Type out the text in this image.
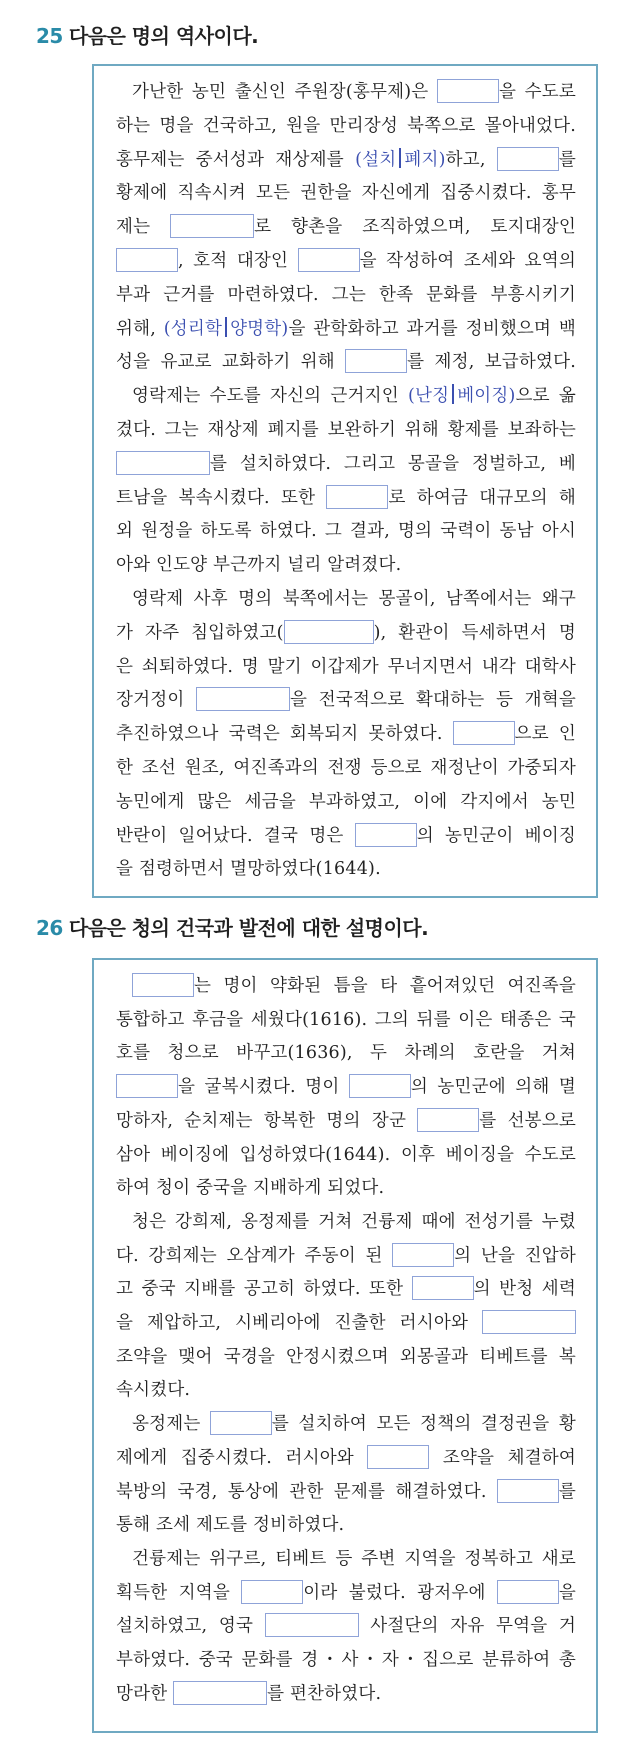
25 다음은 명의 역사이다.
가난한 농민 출신인 주원장(홍무제)은	을 수도로
하는 명을 건국하고, 원을 만리장성 북쪽으로 몰아내었다.
홍무제는 중서성과 재상제를 (설치 폐지)하고,	를
황제에 직속시켜 모든 권한을 자신에게 집중시켰다. 홍무
제는	로 향촌을 조직하였으며, 토지대장인
, 호적 대장인	을 작성하여 조세와 요역의
부과 근거를 마련하였다. 그는 한족 문화를 부흥시키기
위해, (성리학 양명학)을 관학화하고 과거를 정비했으며 백
성을 유교로 교화하기 위해	를 제정, 보급하였다.
영락제는 수도를 자신의 근거지인 (난징 베이징)으로 옮
겼다. 그는 재상제 폐지를 보완하기 위해 황제를 보좌하는
를 설치하였다. 그리고 몽골을 정벌하고, 베
트남을 복속시켰다. 또한	로 하여금 대규모의 해
외 원정을 하도록 하였다. 그 결과, 명의 국력이 동남 아시
아와 인도양 부근까지 널리 알려졌다.
영락제 사후 명의 북쪽에서는 몽골이, 남쪽에서는 왜구
가 자주 침입하였고(	), 환관이 득세하면서 명
은 쇠퇴하였다. 명 말기 이갑제가 무너지면서 내각 대학사
장거정이	을 전국적으로 확대하는 등 개혁을
추진하였으나 국력은 회복되지 못하였다.	으로 인
한 조선 원조, 여진족과의 전쟁 등으로 재정난이 가중되자
농민에게 많은 세금을 부과하였고, 이에 각지에서 농민
반란이 일어났다. 결국 명은	의 농민군이 베이징
을 점령하면서 멸망하였다(1644).
26 다음은 청의 건국과 발전에 대한 설명이다.
는 명이 약화된 틈을 타 흩어져있던 여진족을
통합하고 후금을 세웠다(1616). 그의 뒤를 이은 태종은 국
호를 청으로 바꾸고(1636), 두 차례의 호란을 거쳐
을 굴복시켰다. 명이	의 농민군에 의해 멸
망하자, 순치제는 항복한 명의 장군	를 선봉으로
삼아 베이징에 입성하였다(1644). 이후 베이징을 수도로
하여 청이 중국을 지배하게 되었다.
청은 강희제, 옹정제를 거쳐 건륭제 때에 전성기를 누렸
다. 강희제는 오삼계가 주동이 된	의 난을 진압하
고 중국 지배를 공고히 하였다. 또한	의 반청 세력
을 제압하고, 시베리아에 진출한 러시아와
조약을 맺어 국경을 안정시켰으며 외몽골과 티베트를 복
속시켰다.
옹정제는	를 설치하여 모든 정책의 결정권을 황
제에게 집중시켰다. 러시아와	조약을 체결하여
북방의 국경, 통상에 관한 문제를 해결하였다.	를
통해 조세 제도를 정비하였다.
건륭제는 위구르, 티베트 등 주변 지역을 정복하고 새로
획득한 지역을	이라 불렀다. 광저우에	을
설치하였고, 영국	사절단의 자유 무역을 거
부하였다. 중국 문화를 경・사・자・집으로 분류하여 총
망라한	를 편찬하였다.
